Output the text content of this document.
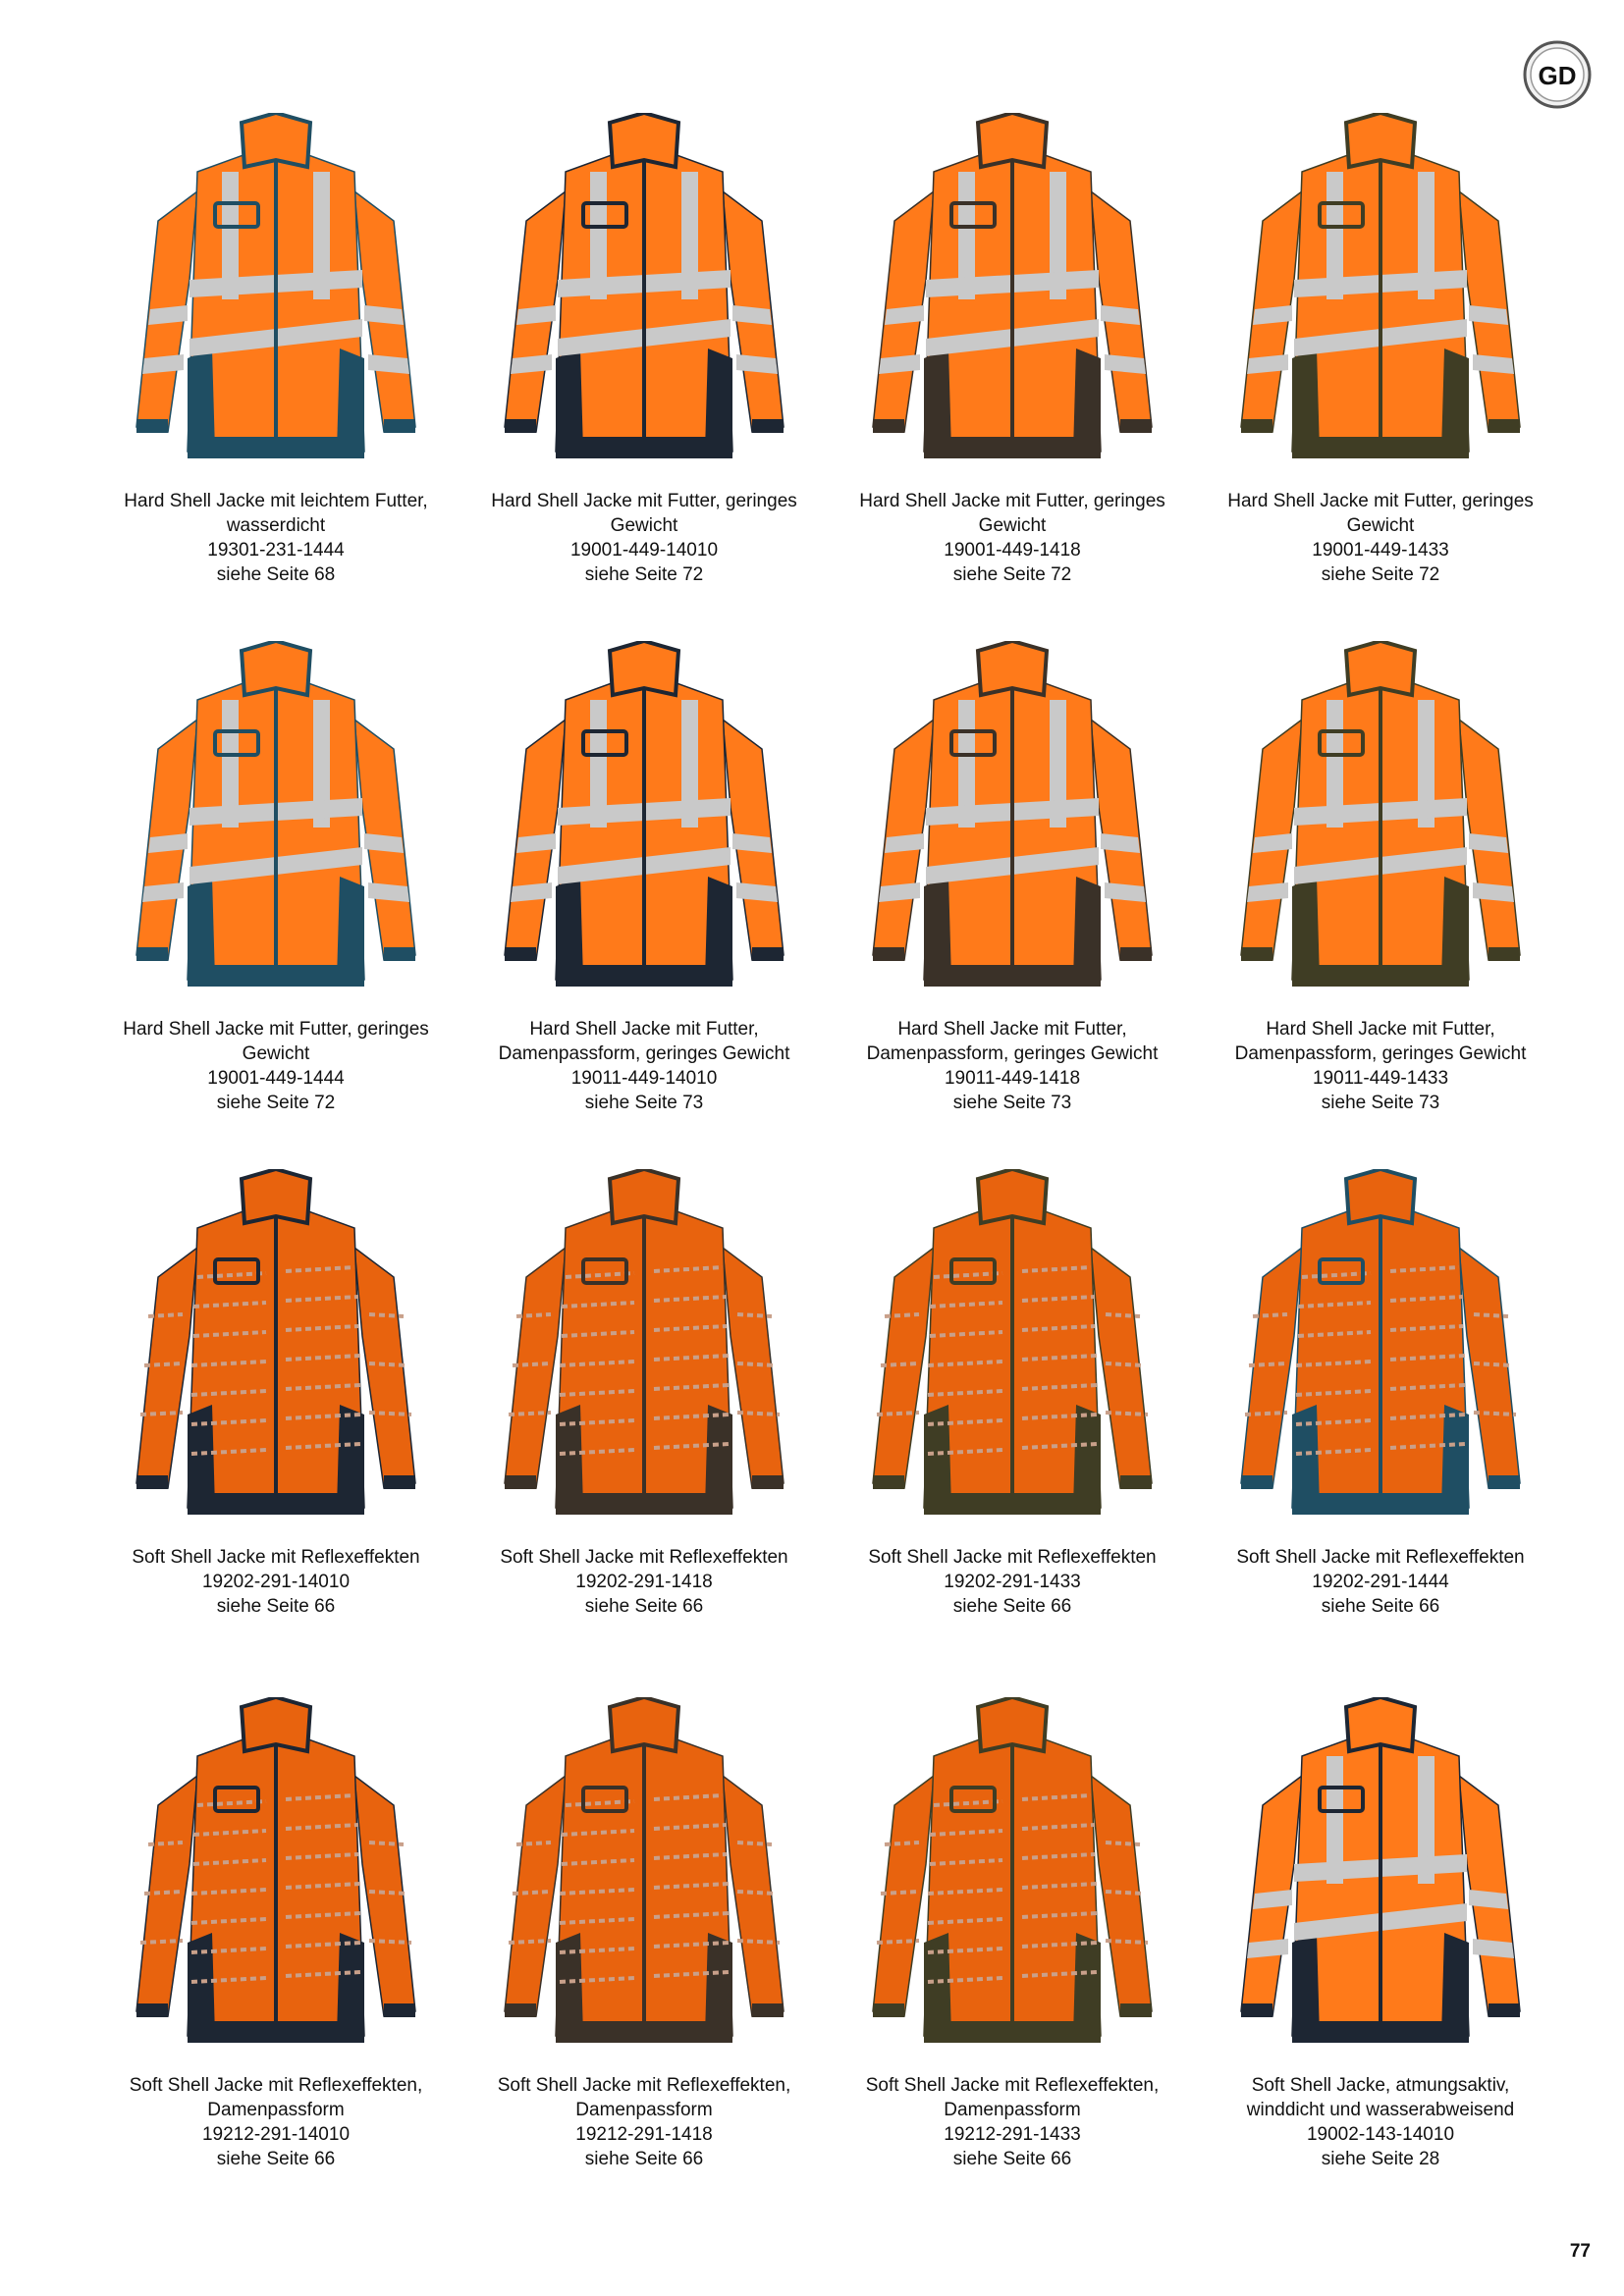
GD
Hard Shell Jacke mit leichtem Futter,
wasserdicht
19301-231-1444
siehe Seite 68
Hard Shell Jacke mit Futter, geringes
Gewicht
19001-449-14010
siehe Seite 72
Hard Shell Jacke mit Futter, geringes
Gewicht
19001-449-1418
siehe Seite 72
Hard Shell Jacke mit Futter, geringes
Gewicht
19001-449-1433
siehe Seite 72
Hard Shell Jacke mit Futter, geringes
Gewicht
19001-449-1444
siehe Seite 72
Hard Shell Jacke mit Futter,
Damenpassform, geringes Gewicht
19011-449-14010
siehe Seite 73
Hard Shell Jacke mit Futter,
Damenpassform, geringes Gewicht
19011-449-1418
siehe Seite 73
Hard Shell Jacke mit Futter,
Damenpassform, geringes Gewicht
19011-449-1433
siehe Seite 73
Soft Shell Jacke mit Reflexeffekten
19202-291-14010
siehe Seite 66
Soft Shell Jacke mit Reflexeffekten
19202-291-1418
siehe Seite 66
Soft Shell Jacke mit Reflexeffekten
19202-291-1433
siehe Seite 66
Soft Shell Jacke mit Reflexeffekten
19202-291-1444
siehe Seite 66
Soft Shell Jacke mit Reflexeffekten,
Damenpassform
19212-291-14010
siehe Seite 66
Soft Shell Jacke mit Reflexeffekten,
Damenpassform
19212-291-1418
siehe Seite 66
Soft Shell Jacke mit Reflexeffekten,
Damenpassform
19212-291-1433
siehe Seite 66
Soft Shell Jacke, atmungsaktiv,
winddicht und wasserabweisend
19002-143-14010
siehe Seite 28
77
